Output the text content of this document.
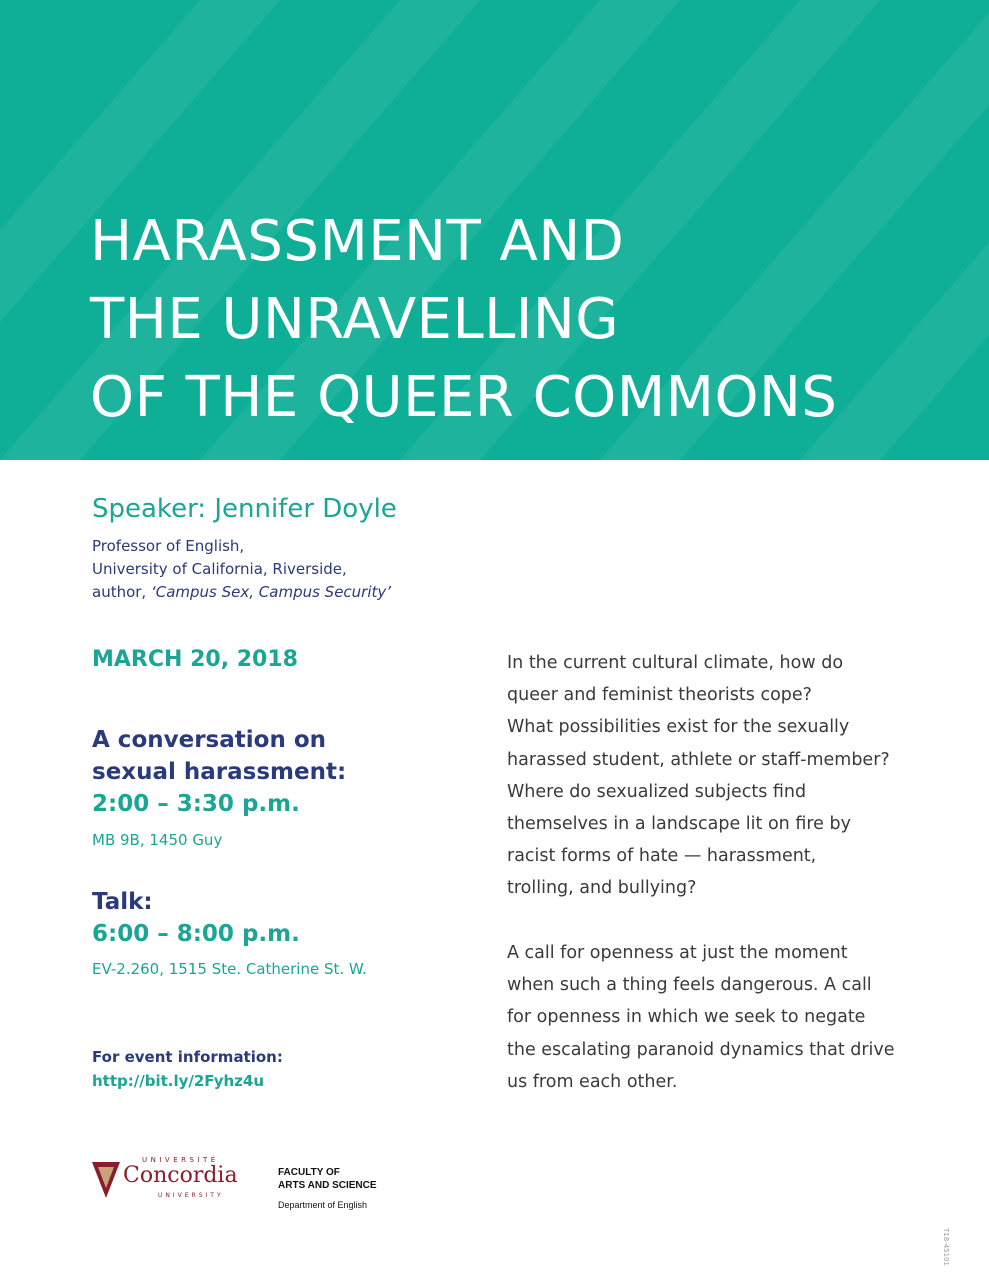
HARASSMENT AND
THE UNRAVELLING
OF THE QUEER COMMONS
Speaker: Jennifer Doyle
Professor of English,
University of California, Riverside,
author, ‘Campus Sex, Campus Security’
MARCH 20, 2018
A conversation on
sexual harassment:
2:00 – 3:30 p.m.
MB 9B, 1450 Guy
Talk:
6:00 – 8:00 p.m.
EV-2.260, 1515 Ste. Catherine St. W.
For event information:
http://bit.ly/2Fyhz4u
In the current cultural climate, how do
queer and feminist theorists cope?
What possibilities exist for the sexually
harassed student, athlete or staff-member?
Where do sexualized subjects find
themselves in a landscape lit on fire by
racist forms of hate — harassment,
trolling, and bullying?
A call for openness at just the moment
when such a thing feels dangerous. A call
for openness in which we seek to negate
the escalating paranoid dynamics that drive
us from each other.
UNIVERSITÉ
Concordia
UNIVERSITY
FACULTY OF
ARTS AND SCIENCE
Department of English
T18-45101
